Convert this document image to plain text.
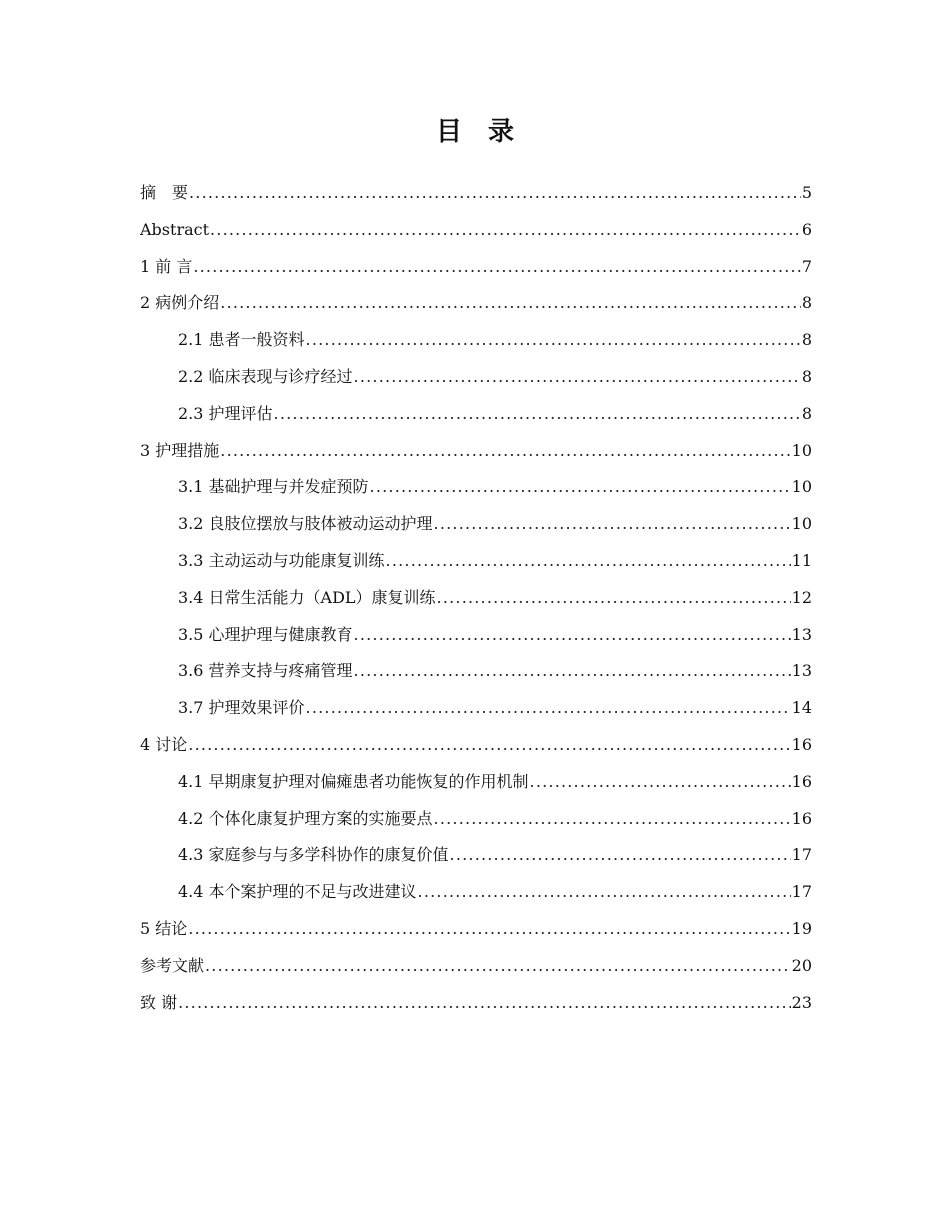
目　录
摘　要 .....	5
Abstract .....	6
1 前 言 .....	7
2 病例介绍 .....	8
2.1 患者一般资料 .....	8
2.2 临床表现与诊疗经过 .....	8
2.3 护理评估 .....	8
3 护理措施 .....	10
3.1 基础护理与并发症预防 .....	10
3.2 良肢位摆放与肢体被动运动护理 .....	10
3.3 主动运动与功能康复训练 .....	11
3.4 日常生活能力（ADL）康复训练 .....	12
3.5 心理护理与健康教育 .....	13
3.6 营养支持与疼痛管理 .....	13
3.7 护理效果评价 .....	14
4 讨论 .....	16
4.1 早期康复护理对偏瘫患者功能恢复的作用机制 .....	16
4.2 个体化康复护理方案的实施要点 .....	16
4.3 家庭参与与多学科协作的康复价值 .....	17
4.4 本个案护理的不足与改进建议 .....	17
5 结论 .....	19
参考文献 .....	20
致 谢 .....	23
